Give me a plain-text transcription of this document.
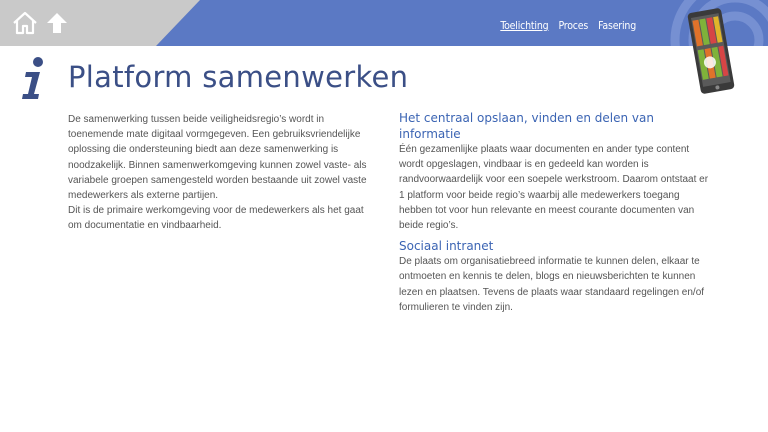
Toelichting Proces Fasering
Platform samenwerken

De samenwerking tussen beide veiligheidsregio’s wordt in toenemende mate digitaal vormgegeven. Een gebruiksvriendelijke oplossing die ondersteuning biedt aan deze samenwerking is noodzakelijk. Binnen samenwerkomgeving kunnen zowel vaste- als variabele groepen samengesteld worden bestaande uit zowel vaste medewerkers als externe partijen.

Dit is de primaire werkomgeving voor de medewerkers als het gaat om documentatie en vindbaarheid.

Het centraal opslaan, vinden en delen van informatie

Één gezamenlijke plaats waar documenten en ander type content wordt opgeslagen, vindbaar is en gedeeld kan worden is randvoorwaardelijk voor een soepele werkstroom. Daarom ontstaat er 1 platform voor beide regio’s waarbij alle medewerkers toegang hebben tot voor hun relevante en meest courante documenten van beide regio’s.

Sociaal intranet

De plaats om organisatiebreed informatie te kunnen delen, elkaar te ontmoeten en kennis te delen, blogs en nieuwsberichten te kunnen lezen en plaatsen. Tevens de plaats waar standaard regelingen en/of formulieren te vinden zijn.
